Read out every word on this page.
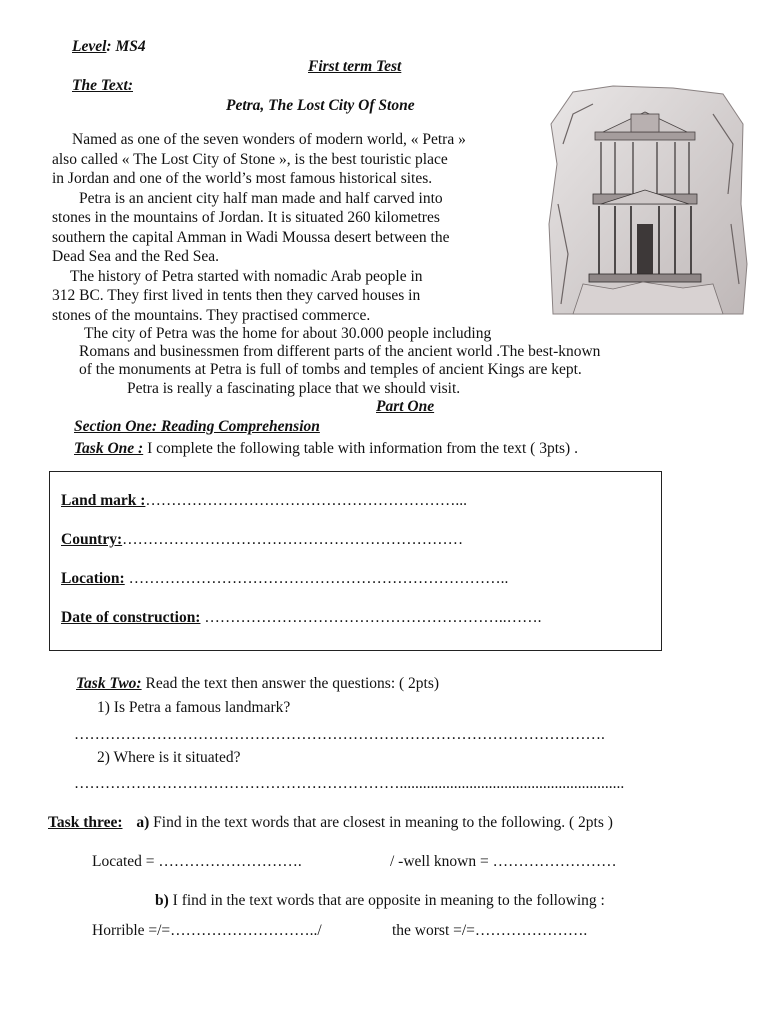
Level: MS4
First term Test
The Text:
Petra, The Lost City Of Stone
Named as one of the seven wonders of modern world, « Petra »
also called « The Lost City of Stone », is the best touristic place
in Jordan and one of the world’s most famous historical sites.
Petra is an ancient city half man made and half carved into
stones in the mountains of Jordan. It is situated 260 kilometres
southern the capital Amman in Wadi Moussa desert between the
Dead Sea and the Red Sea.
The history of Petra started with nomadic Arab people in
312 BC. They first lived in tents then they carved houses in
stones of the mountains. They practised commerce.
The city of Petra was the home for about 30.000 people including
Romans and businessmen from different parts of the ancient world .The best-known
of the monuments at Petra is full of tombs and temples of ancient Kings are kept.
Petra is really a fascinating place that we should visit.
Part One
Section One: Reading Comprehension
Task One : I complete the following table with information from the text ( 3pts) .
Land mark :……………………………………………………...
Country:…………………………………………………………
Location: ………………………………………………………………..
Date of construction: …………………………………………………..…….
Task Two: Read the text then answer the questions: ( 2pts)
1) Is Petra a famous landmark?
………………………………………………………………………………………….
2) Where is it situated?
………………………………………………………..........................................................
Task three: a) Find in the text words that are closest in meaning to the following. ( 2pts )
Located = ……………………….	/ -well known = ……………………
b) I find in the text words that are opposite in meaning to the following :
Horrible =/=………………………../	the worst =/=………………….
